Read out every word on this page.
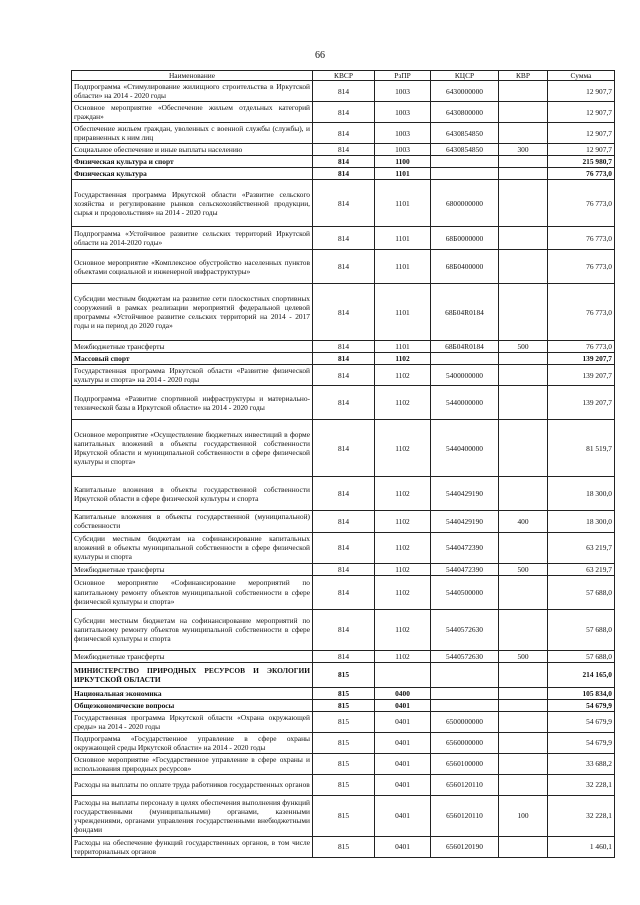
66
Наименование	КВСР	РзПР	КЦСР	КВР	Сумма
Подпрограмма «Стимулирование жилищного строительства в Иркутской области» на 2014 - 2020 годы	814	1003	6430000000		12 907,7
Основное мероприятие «Обеспечение жильем отдельных категорий граждан»	814	1003	6430800000		12 907,7
Обеспечение жильем граждан, уволенных с военной службы (службы), и приравненных к ним лиц	814	1003	6430854850		12 907,7
Социальное обеспечение и иные выплаты населению	814	1003	6430854850	300	12 907,7
Физическая культура и спорт	814	1100			215 980,7
Физическая культура	814	1101			76 773,0
Государственная программа Иркутской области «Развитие сельского хозяйства и регулирование рынков сельскохозяйственной продукции, сырья и продовольствия» на 2014 - 2020 годы	814	1101	6800000000		76 773,0
Подпрограмма «Устойчивое развитие сельских территорий Иркутской области на 2014-2020 годы»	814	1101	68Б0000000		76 773,0
Основное мероприятие «Комплексное обустройство населенных пунктов объектами социальной и инженерной инфраструктуры»	814	1101	68Б0400000		76 773,0
Субсидии местным бюджетам на развитие сети плоскостных спортивных сооружений в рамках реализации мероприятий федеральной целевой программы «Устойчивое развитие сельских территорий на 2014 - 2017 годы и на период до 2020 года»	814	1101	68Б04R0184		76 773,0
Межбюджетные трансферты	814	1101	68Б04R0184	500	76 773,0
Массовый спорт	814	1102			139 207,7
Государственная программа Иркутской области «Развитие физической культуры и спорта» на 2014 - 2020 годы	814	1102	5400000000		139 207,7
Подпрограмма «Развитие спортивной инфраструктуры и материально- технической базы в Иркутской области» на 2014 - 2020 годы	814	1102	5440000000		139 207,7
Основное мероприятие «Осуществление бюджетных инвестиций в форме капитальных вложений в объекты государственной собственности Иркутской области и муниципальной собственности в сфере физической культуры и спорта»	814	1102	5440400000		81 519,7
Капитальные вложения в объекты государственной собственности Иркутской области в сфере физической культуры и спорта	814	1102	5440429190		18 300,0
Капитальные вложения в объекты государственной (муниципальной) собственности	814	1102	5440429190	400	18 300,0
Субсидии местным бюджетам на софинансирование капитальных вложений в объекты муниципальной собственности в сфере физической культуры и спорта	814	1102	5440472390		63 219,7
Межбюджетные трансферты	814	1102	5440472390	500	63 219,7
Основное мероприятие «Софинансирование мероприятий по капитальному ремонту объектов муниципальной собственности в сфере физической культуры и спорта»	814	1102	5440500000		57 688,0
Субсидии местным бюджетам на софинансирование мероприятий по капитальному ремонту объектов муниципальной собственности в сфере физической культуры и спорта	814	1102	5440572630		57 688,0
Межбюджетные трансферты	814	1102	5440572630	500	57 688,0
МИНИСТЕРСТВО ПРИРОДНЫХ РЕСУРСОВ И ЭКОЛОГИИ ИРКУТСКОЙ ОБЛАСТИ	815				214 165,0
Национальная экономика	815	0400			105 834,0
Общеэкономические вопросы	815	0401			54 679,9
Государственная программа Иркутской области «Охрана окружающей среды» на 2014 - 2020 годы	815	0401	6500000000		54 679,9
Подпрограмма «Государственное управление в сфере охраны окружающей среды Иркутской области» на 2014 - 2020 годы	815	0401	6560000000		54 679,9
Основное мероприятие «Государственное управление в сфере охраны и использования природных ресурсов»	815	0401	6560100000		33 688,2
Расходы на выплаты по оплате труда работников государственных органов	815	0401	6560120110		32 228,1
Расходы на выплаты персоналу в целях обеспечения выполнения функций государственными (муниципальными) органами, казенными учреждениями, органами управления государственными внебюджетными фондами	815	0401	6560120110	100	32 228,1
Расходы на обеспечение функций государственных органов, в том числе территориальных органов	815	0401	6560120190		1 460,1
